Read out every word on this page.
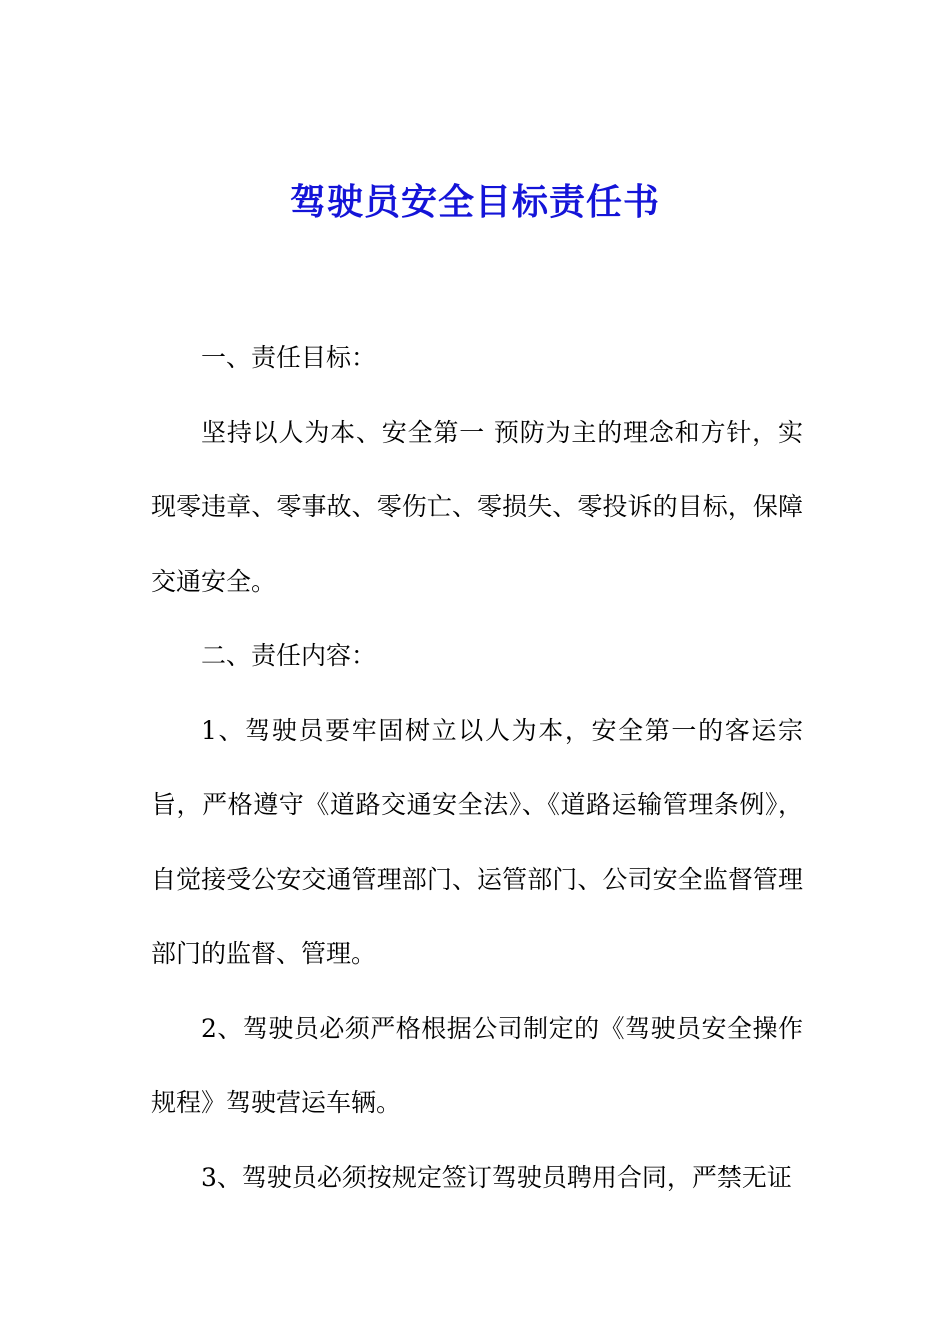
驾驶员安全目标责任书

一、责任目标：

坚持以人为本、安全第一 预防为主的理念和方针，实现零违章、零事故、零伤亡、零损失、零投诉的目标，保障交通安全。

二、责任内容：

1、驾驶员要牢固树立以人为本，安全第一的客运宗旨，严格遵守《道路交通安全法》、《道路运输管理条例》，自觉接受公安交通管理部门、运管部门、公司安全监督管理部门的监督、管理。

2、驾驶员必须严格根据公司制定的《驾驶员安全操作规程》驾驶营运车辆。

3、驾驶员必须按规定签订驾驶员聘用合同，严禁无证
